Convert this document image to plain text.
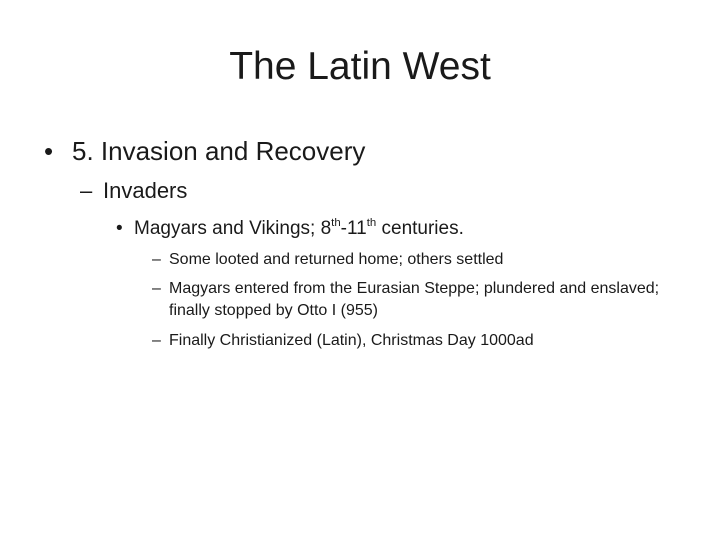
The Latin West
• 5. Invasion and Recovery
– Invaders
• Magyars and Vikings; 8th-11th centuries.
– Some looted and returned home; others settled
– Magyars entered from the Eurasian Steppe; plundered and enslaved; finally stopped by Otto I (955)
– Finally Christianized (Latin), Christmas Day 1000ad
